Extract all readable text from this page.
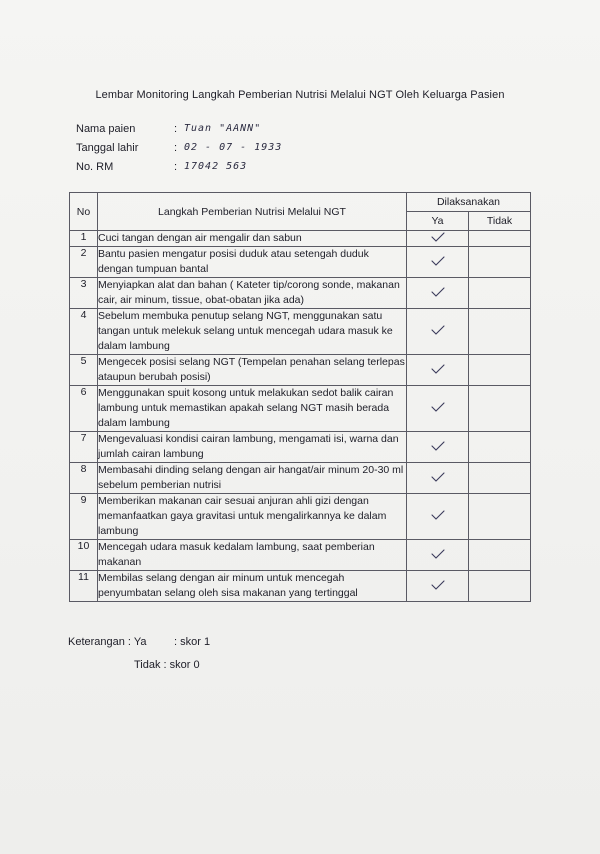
Lembar Monitoring Langkah Pemberian Nutrisi Melalui NGT Oleh Keluarga Pasien
Nama paien	: Tuan "AANN"
Tanggal lahir	: 02 - 07 - 1933
No. RM	: 17042 563
No	Langkah Pemberian Nutrisi Melalui NGT	Dilaksanakan	
		Ya	Tidak
1	Cuci tangan dengan air mengalir dan sabun		
2	Bantu pasien mengatur posisi duduk atau setengah duduk dengan tumpuan bantal		
3	Menyiapkan alat dan bahan ( Kateter tip/corong sonde, makanan cair, air minum, tissue, obat-obatan jika ada)		
4	Sebelum membuka penutup selang NGT, menggunakan satu tangan untuk melekuk selang untuk mencegah udara masuk ke dalam lambung		
5	Mengecek posisi selang NGT (Tempelan penahan selang terlepas ataupun berubah posisi)		
6	Menggunakan spuit kosong untuk melakukan sedot balik cairan lambung untuk memastikan apakah selang NGT masih berada dalam lambung		
7	Mengevaluasi kondisi cairan lambung, mengamati isi, warna dan jumlah cairan lambung		
8	Membasahi dinding selang dengan air hangat/air minum 20-30 ml sebelum pemberian nutrisi		
9	Memberikan makanan cair sesuai anjuran ahli gizi dengan memanfaatkan gaya gravitasi untuk mengalirkannya ke dalam lambung		
10	Mencegah udara masuk kedalam lambung, saat pemberian makanan		
11	Membilas selang dengan air minum untuk mencegah penyumbatan selang oleh sisa makanan yang tertinggal		
Keterangan : Ya	: skor 1
Tidak : skor 0
